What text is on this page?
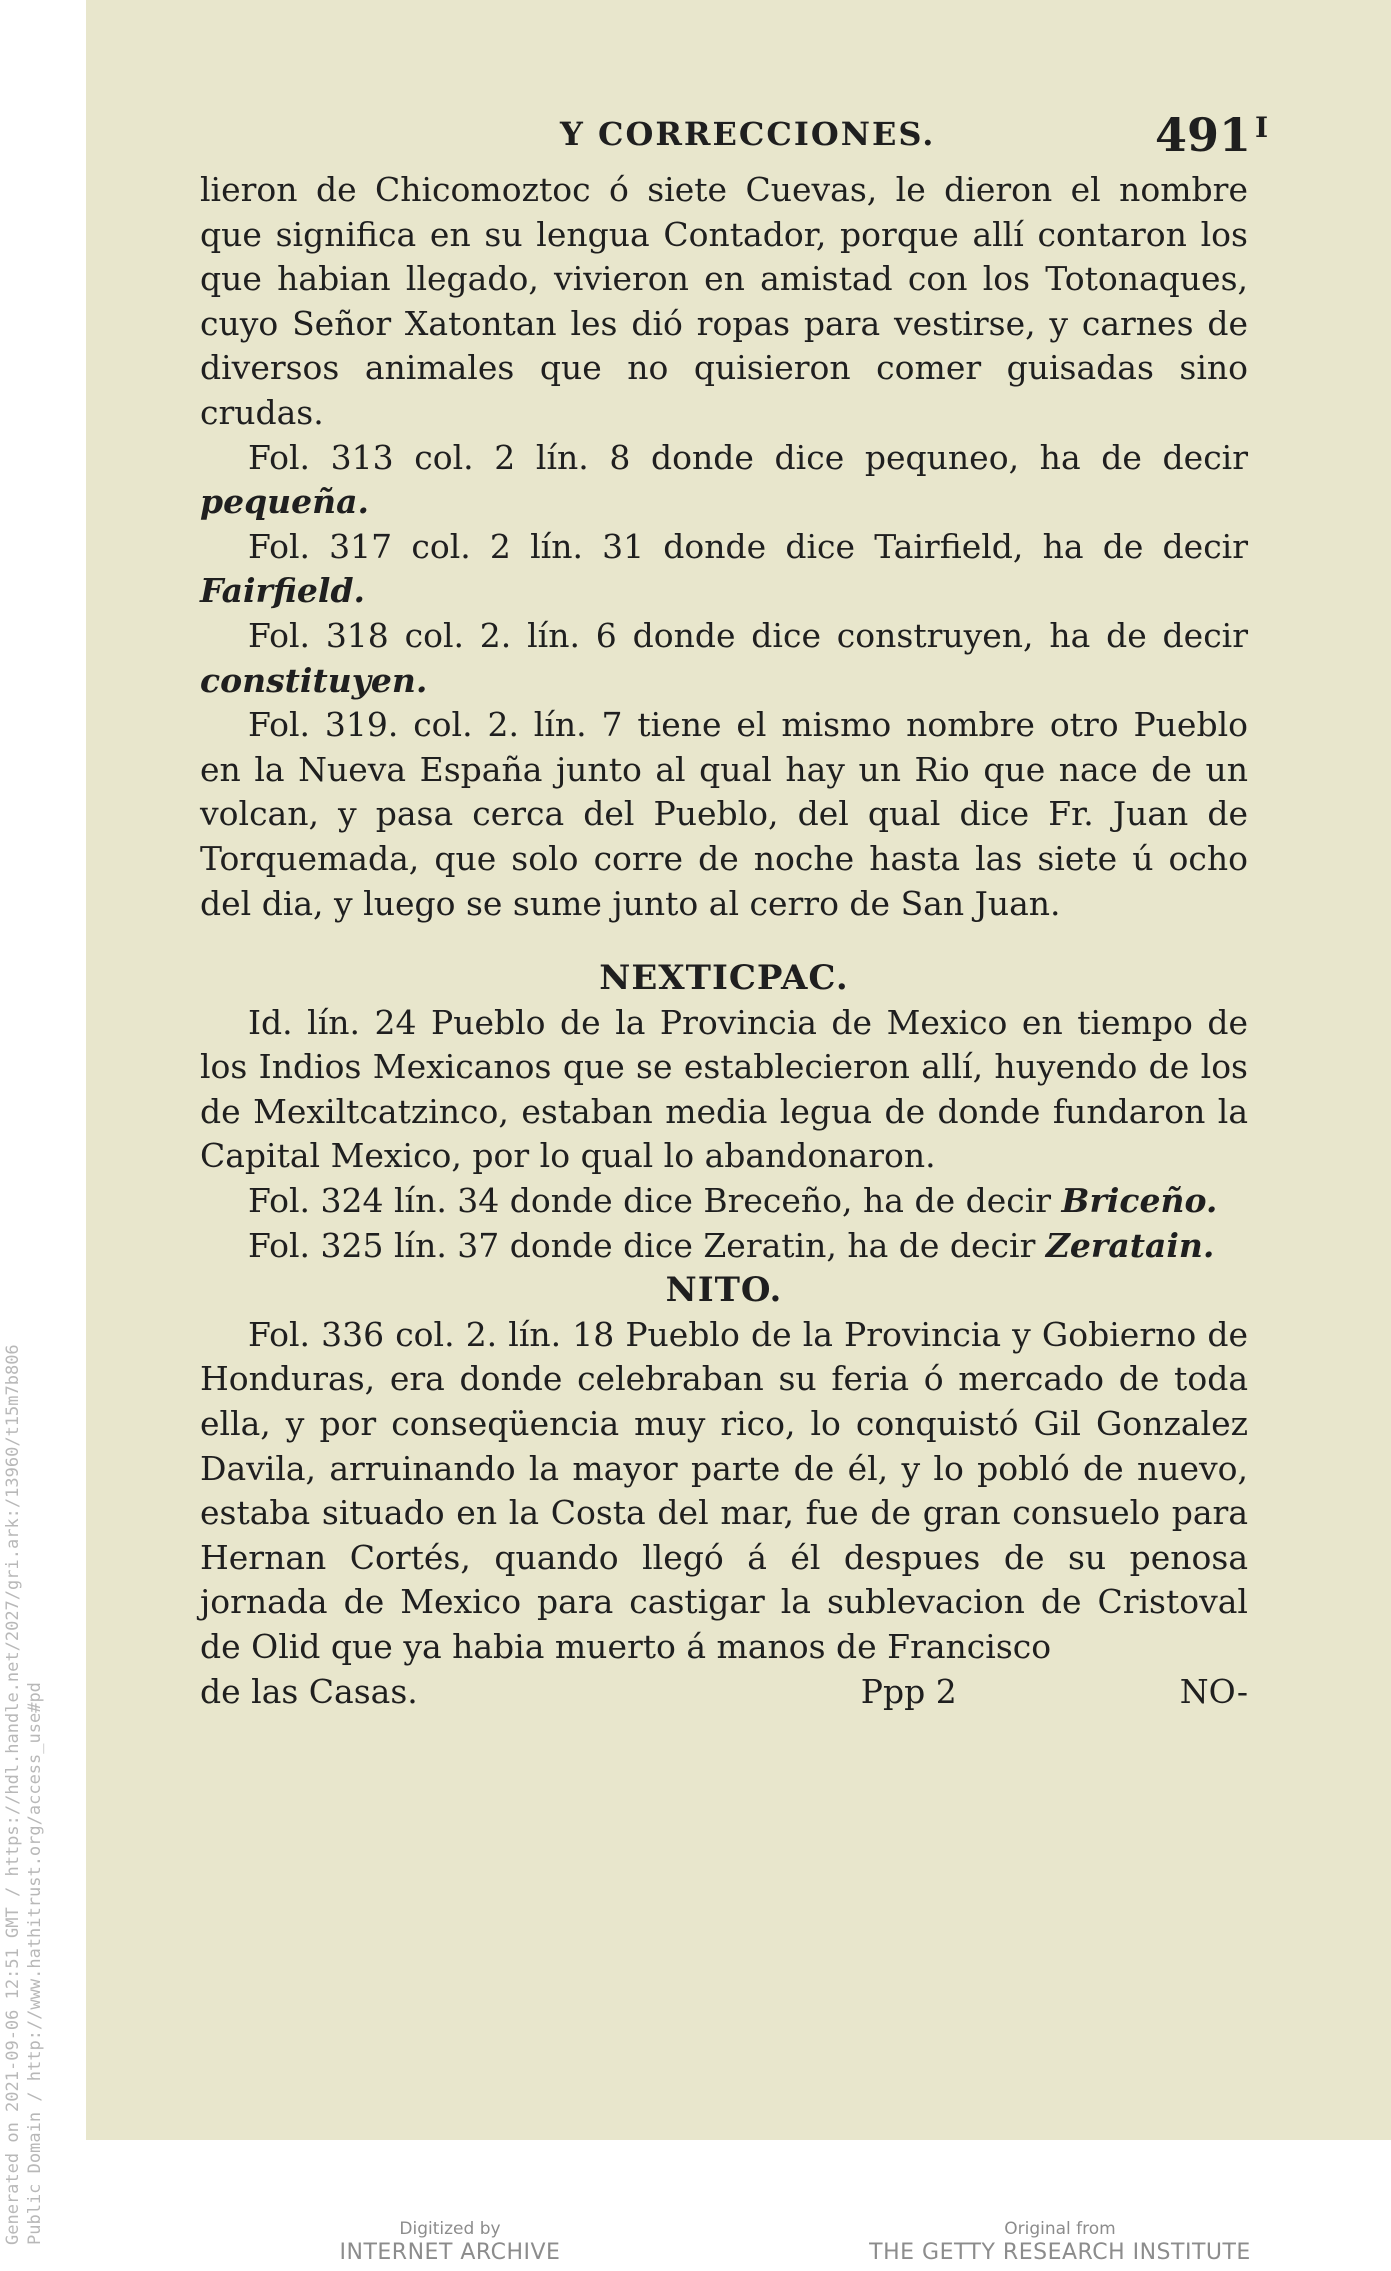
Generated on 2021-09-06 12:51 GMT / https://hdl.handle.net/2027/gri.ark:/13960/t15m7b806 Public Domain / http://www.hathitrust.org/access_use#pd
Y CORRECCIONES.	491 $^I$

lieron de Chicomoztoc ó siete Cuevas, le dieron el nombre que significa en su lengua Contador, porque allí contaron los que habian llegado, vivieron en amistad con los Totonaques, cuyo Señor Xatontan les dió ropas para vestirse, y carnes de diversos animales que no quisieron comer guisadas sino crudas.

Fol. 313 col. 2 lín. 8 donde dice pequneo, ha de decir pequeña.

Fol. 317 col. 2 lín. 31 donde dice Tairfield, ha de decir Fairfield.

Fol. 318 col. 2. lín. 6 donde dice construyen, ha de decir constituyen.

Fol. 319. col. 2. lín. 7 tiene el mismo nombre otro Pueblo en la Nueva España junto al qual hay un Rio que nace de un volcan, y pasa cerca del Pueblo, del qual dice Fr. Juan de Torquemada, que solo corre de noche hasta las siete ú ocho del dia, y luego se sume junto al cerro de San Juan.

NEXTICPAC.

Id. lín. 24 Pueblo de la Provincia de Mexico en tiempo de los Indios Mexicanos que se establecieron allí, huyendo de los de Mexiltcatzinco, estaban media legua de donde fundaron la Capital Mexico, por lo qual lo abandonaron.

Fol. 324 lín. 34 donde dice Breceño, ha de decir Briceño.

Fol. 325 lín. 37 donde dice Zeratin, ha de decir Zeratain.

NITO.

Fol. 336 col. 2. lín. 18 Pueblo de la Provincia y Gobierno de Honduras, era donde celebraban su feria ó mercado de toda ella, y por conseqüencia muy rico, lo conquistó Gil Gonzalez Davila, arruinando la mayor parte de él, y lo pobló de nuevo, estaba situado en la Costa del mar, fue de gran consuelo para Hernan Cortés, quando llegó á él despues de su penosa jornada de Mexico para castigar la sublevacion de Cristoval de Olid que ya habia muerto á manos de Francisco

de las Casas.	Ppp 2	NO-

Digitized by
INTERNET ARCHIVE
Original from
THE GETTY RESEARCH INSTITUTE
